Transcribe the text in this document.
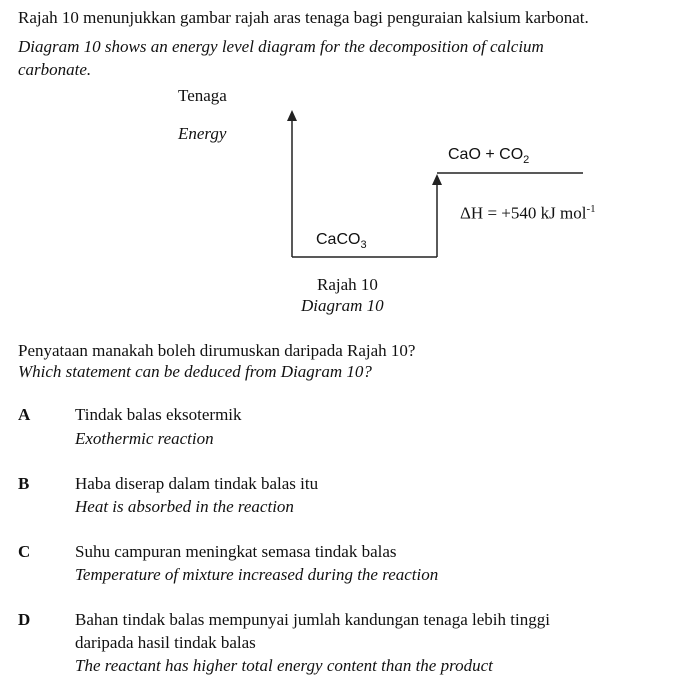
Rajah 10 menunjukkan gambar rajah aras tenaga bagi penguraian kalsium karbonat.
Diagram 10 shows an energy level diagram for the decomposition of calcium
carbonate.
Tenaga
Energy
CaO + $CO_2$
ΔH = +540 kJ mol$^{-1}$
CaCO$_3$
Rajah 10
Diagram 10
Penyataan manakah boleh dirumuskan daripada Rajah 10?
Which statement can be deduced from Diagram 10?
A	Tindak balas eksotermik
Exothermic reaction
B	Haba diserap dalam tindak balas itu
Heat is absorbed in the reaction
C	Suhu campuran meningkat semasa tindak balas
Temperature of mixture increased during the reaction
D	Bahan tindak balas mempunyai jumlah kandungan tenaga lebih tinggi
daripada hasil tindak balas
The reactant has higher total energy content than the product
